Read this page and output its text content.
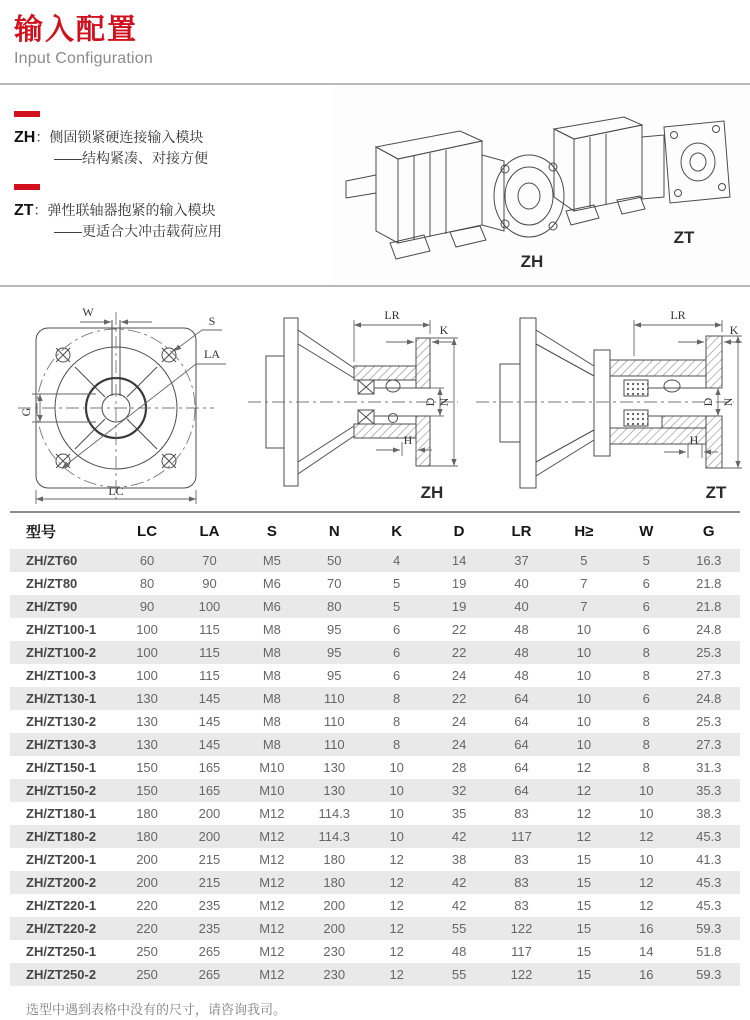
输入配置
Input Configuration
ZH：侧固锁紧硬连接输入模块
——结构紧凑、对接方便
ZT：弹性联轴器抱紧的输入模块
——更适合大冲击载荷应用
ZH
ZT
W
S
LA
G
LC
LR
K
D N
H
ZH
LR
K
D N
H
ZT
型号	LC	LA	S	N	K	D	LR	H≥	W	G
ZH/ZT60	60	70	M5	50	4	14	37	5	5	16.3
ZH/ZT80	80	90	M6	70	5	19	40	7	6	21.8
ZH/ZT90	90	100	M6	80	5	19	40	7	6	21.8
ZH/ZT100-1	100	115	M8	95	6	22	48	10	6	24.8
ZH/ZT100-2	100	115	M8	95	6	22	48	10	8	25.3
ZH/ZT100-3	100	115	M8	95	6	24	48	10	8	27.3
ZH/ZT130-1	130	145	M8	110	8	22	64	10	6	24.8
ZH/ZT130-2	130	145	M8	110	8	24	64	10	8	25.3
ZH/ZT130-3	130	145	M8	110	8	24	64	10	8	27.3
ZH/ZT150-1	150	165	M10	130	10	28	64	12	8	31.3
ZH/ZT150-2	150	165	M10	130	10	32	64	12	10	35.3
ZH/ZT180-1	180	200	M12	114.3	10	35	83	12	10	38.3
ZH/ZT180-2	180	200	M12	114.3	10	42	117	12	12	45.3
ZH/ZT200-1	200	215	M12	180	12	38	83	15	10	41.3
ZH/ZT200-2	200	215	M12	180	12	42	83	15	12	45.3
ZH/ZT220-1	220	235	M12	200	12	42	83	15	12	45.3
ZH/ZT220-2	220	235	M12	200	12	55	122	15	16	59.3
ZH/ZT250-1	250	265	M12	230	12	48	117	15	14	51.8
ZH/ZT250-2	250	265	M12	230	12	55	122	15	16	59.3
选型中遇到表格中没有的尺寸，请咨询我司。
